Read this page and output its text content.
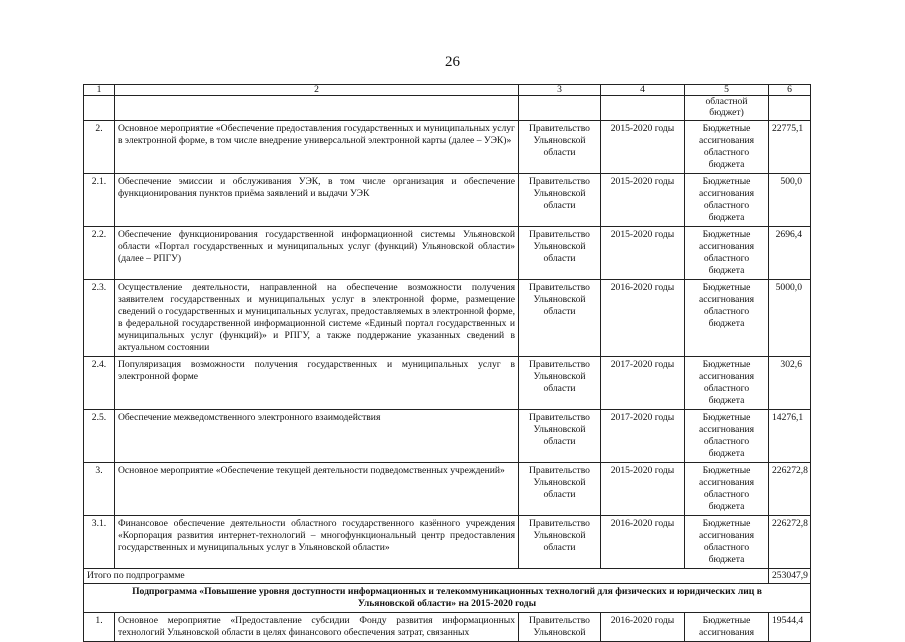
26
1	2	3	4	5	6
				областной бюджет)	
2.	Основное мероприятие «Обеспечение предоставления государственных и муниципальных услуг в электронной форме, в том числе внедрение универсальной электронной карты (далее – УЭК)»	Правительство Ульяновской области	2015-2020 годы	Бюджетные ассигнования областного бюджета	22775,1
2.1.	Обеспечение эмиссии и обслуживания УЭК, в том числе организация и обеспечение функционирования пунктов приёма заявлений и выдачи УЭК	Правительство Ульяновской области	2015-2020 годы	Бюджетные ассигнования областного бюджета	500,0
2.2.	Обеспечение функционирования государственной информационной системы Ульяновской области «Портал государственных и муниципальных услуг (функций) Ульяновской области» (далее – РПГУ)	Правительство Ульяновской области	2015-2020 годы	Бюджетные ассигнования областного бюджета	2696,4
2.3.	Осуществление деятельности, направленной на обеспечение возможности получения заявителем государственных и муниципальных услуг в электронной форме, размещение сведений о государственных и муниципальных услугах, предоставляемых в электронной форме, в федеральной государственной информационной системе «Единый портал государственных и муниципальных услуг (функций)» и РПГУ, а также поддержание указанных сведений в актуальном состоянии	Правительство Ульяновской области	2016-2020 годы	Бюджетные ассигнования областного бюджета	5000,0
2.4.	Популяризация возможности получения государственных и муниципальных услуг в электронной форме	Правительство Ульяновской области	2017-2020 годы	Бюджетные ассигнования областного бюджета	302,6
2.5.	Обеспечение межведомственного электронного взаимодействия	Правительство Ульяновской области	2017-2020 годы	Бюджетные ассигнования областного бюджета	14276,1
3.	Основное мероприятие «Обеспечение текущей деятельности подведомственных учреждений»	Правительство Ульяновской области	2015-2020 годы	Бюджетные ассигнования областного бюджета	226272,8
3.1.	Финансовое обеспечение деятельности областного государственного казённого учреждения «Корпорация развития интернет-технологий – многофункциональный центр предоставления государственных и муниципальных услуг в Ульяновской области»	Правительство Ульяновской области	2016-2020 годы	Бюджетные ассигнования областного бюджета	226272,8
Итого по подпрограмме					253047,9
Подпрограмма «Повышение уровня доступности информационных и телекоммуникационных технологий для физических и юридических лиц в Ульяновской области» на 2015-2020 годы					
1.	Основное мероприятие «Предоставление субсидии Фонду развития информационных технологий Ульяновской области в целях финансового обеспечения затрат, связанных	Правительство Ульяновской	2016-2020 годы	Бюджетные ассигнования	19544,4
